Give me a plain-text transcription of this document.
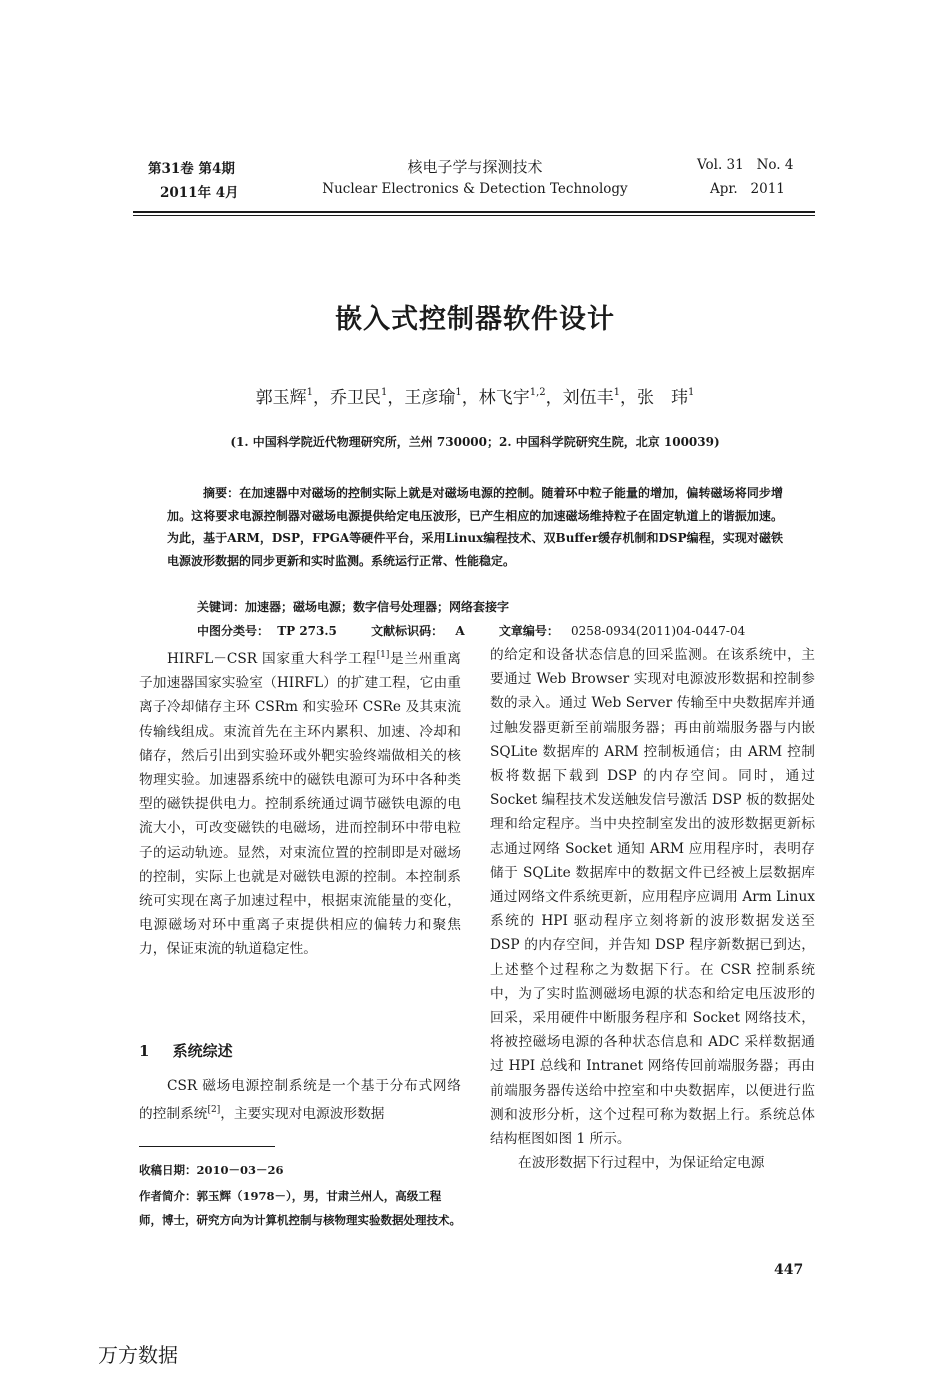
第31卷 第4期
2011年 4月
核电子学与探测技术
Nuclear Electronics & Detection Technology
Vol. 31   No. 4
Apr.   2011
嵌入式控制器软件设计
郭玉辉$^1$，乔卫民$^1$，王彦瑜$^1$，林飞宇$^{1,2}$，刘伍丰$^1$，张　玮$^1$
(1. 中国科学院近代物理研究所，兰州 730000；2. 中国科学院研究生院，北京 100039)

摘要：在加速器中对磁场的控制实际上就是对磁场电源的控制。随着环中粒子能量的增加，偏转磁场将同步增加。这将要求电源控制器对磁场电源提供给定电压波形，已产生相应的加速磁场维持粒子在固定轨道上的谐振加速。为此，基于ARM，DSP，FPGA等硬件平台，采用Linux编程技术、双Buffer缓存机制和DSP编程，实现对磁铁电源波形数据的同步更新和实时监测。系统运行正常、性能稳定。

关键词：加速器；磁场电源；数字信号处理器；网络套接字
中图分类号： TP 273.5	文献标识码： A	文章编号： 0258-0934(2011)04-0447-04

HIRFL－CSR 国家重大科学工程[1]是兰州重离子加速器国家实验室（HIRFL）的扩建工程，它由重离子冷却储存主环 CSRm 和实验环 CSRe 及其束流传输线组成。束流首先在主环内累积、加速、冷却和储存，然后引出到实验环或外靶实验终端做相关的核物理实验。加速器系统中的磁铁电源可为环中各种类型的磁铁提供电力。控制系统通过调节磁铁电源的电流大小，可改变磁铁的电磁场，进而控制环中带电粒子的运动轨迹。显然，对束流位置的控制即是对磁场的控制，实际上也就是对磁铁电源的控制。本控制系统可实现在离子加速过程中，根据束流能量的变化，电源磁场对环中重离子束提供相应的偏转力和聚焦力，保证束流的轨道稳定性。

1 系统综述

CSR 磁场电源控制系统是一个基于分布式网络的控制系统[2]，主要实现对电源波形数据

收稿日期：2010－03－26

作者简介：郭玉辉（1978－），男，甘肃兰州人，高级工程师，博士，研究方向为计算机控制与核物理实验数据处理技术。

的给定和设备状态信息的回采监测。在该系统中，主要通过 Web Browser 实现对电源波形数据和控制参数的录入。通过 Web Server 传输至中央数据库并通过触发器更新至前端服务器；再由前端服务器与内嵌 SQLite 数据库的 ARM 控制板通信；由 ARM 控制板将数据下载到 DSP 的内存空间。同时，通过 Socket 编程技术发送触发信号激活 DSP 板的数据处理和给定程序。当中央控制室发出的波形数据更新标志通过网络 Socket 通知 ARM 应用程序时，表明存储于 SQLite 数据库中的数据文件已经被上层数据库通过网络文件系统更新，应用程序应调用 Arm Linux 系统的 HPI 驱动程序立刻将新的波形数据发送至 DSP 的内存空间，并告知 DSP 程序新数据已到达，上述整个过程称之为数据下行。在 CSR 控制系统中，为了实时监测磁场电源的状态和给定电压波形的回采，采用硬件中断服务程序和 Socket 网络技术，将被控磁场电源的各种状态信息和 ADC 采样数据通过 HPI 总线和 Intranet 网络传回前端服务器；再由前端服务器传送给中控室和中央数据库，以便进行监测和波形分析，这个过程可称为数据上行。系统总体结构框图如图 1 所示。

在波形数据下行过程中，为保证给定电源

447
万方数据
